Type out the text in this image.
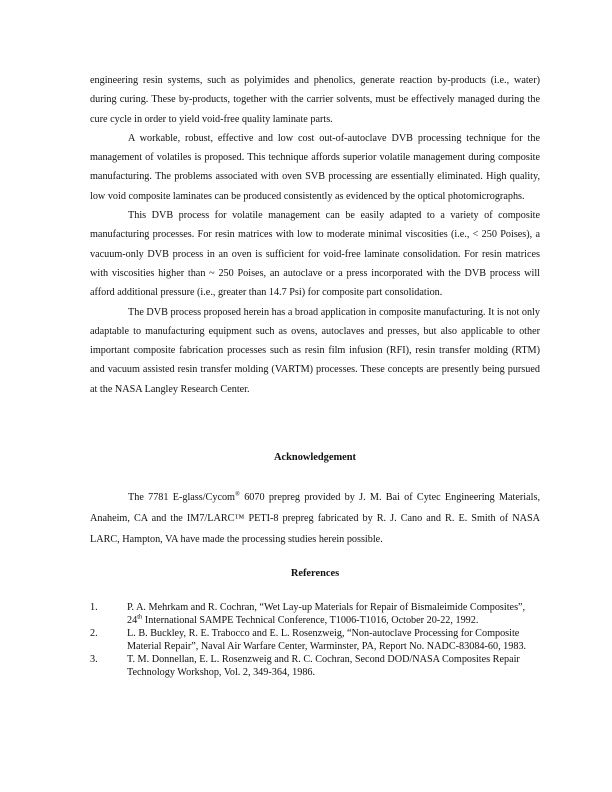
engineering resin systems, such as polyimides and phenolics, generate reaction by-products (i.e., water) during curing. These by-products, together with the carrier solvents, must be effectively managed during the cure cycle in order to yield void-free quality laminate parts.

A workable, robust, effective and low cost out-of-autoclave DVB processing technique for the management of volatiles is proposed. This technique affords superior volatile management during composite manufacturing. The problems associated with oven SVB processing are essentially eliminated. High quality, low void composite laminates can be produced consistently as evidenced by the optical photomicrographs.

This DVB process for volatile management can be easily adapted to a variety of composite manufacturing processes. For resin matrices with low to moderate minimal viscosities (i.e., < 250 Poises), a vacuum-only DVB process in an oven is sufficient for void-free laminate consolidation. For resin matrices with viscosities higher than ~ 250 Poises, an autoclave or a press incorporated with the DVB process will afford additional pressure (i.e., greater than 14.7 Psi) for composite part consolidation.

The DVB process proposed herein has a broad application in composite manufacturing. It is not only adaptable to manufacturing equipment such as ovens, autoclaves and presses, but also applicable to other important composite fabrication processes such as resin film infusion (RFI), resin transfer molding (RTM) and vacuum assisted resin transfer molding (VARTM) processes. These concepts are presently being pursued at the NASA Langley Research Center.

Acknowledgement
The 7781 E-glass/Cycom® 6070 prepreg provided by J. M. Bai of Cytec Engineering Materials, Anaheim, CA and the IM7/LARC™ PETI-8 prepreg fabricated by R. J. Cano and R. E. Smith of NASA LARC, Hampton, VA have made the processing studies herein possible.
References
1.	P. A. Mehrkam and R. Cochran, “Wet Lay-up Materials for Repair of Bismaleimide Composites”, 24th International SAMPE Technical Conference, T1006-T1016, October 20-22, 1992.
2.	L. B. Buckley, R. E. Trabocco and E. L. Rosenzweig, “Non-autoclave Processing for Composite Material Repair”, Naval Air Warfare Center, Warminster, PA, Report No. NADC-83084-60, 1983.
3.	T. M. Donnellan, E. L. Rosenzweig and R. C. Cochran, Second DOD/NASA Composites Repair Technology Workshop, Vol. 2, 349-364, 1986.
